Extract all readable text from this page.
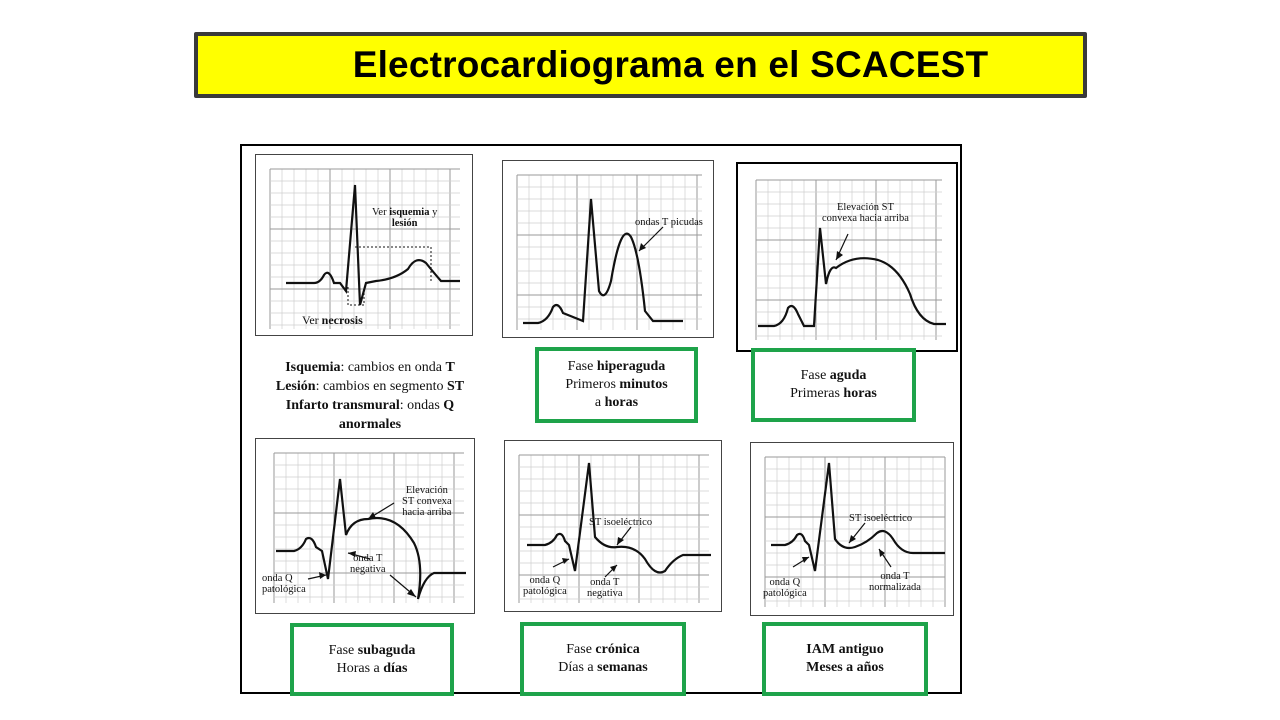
Electrocardiograma en el SCACEST
Ver isquemia y
lesión
Ver necrosis
ondas T picudas
Elevación ST
convexa hacia arriba
Isquemia: cambios en onda T
Lesión: cambios en segmento ST
Infarto transmural: ondas Q
anormales
Fase hiperaguda
Primeros minutos
a horas
Fase aguda
Primeras horas
Elevación
ST convexa
hacia arriba
onda T
negativa
onda Q
patológica
ST isoeléctrico
onda Q
patológica
onda T
negativa
ST isoeléctrico
onda Q
patológica
onda T
normalizada
Fase subaguda
Horas a días
Fase crónica
Días a semanas
IAM antiguo
Meses a años
